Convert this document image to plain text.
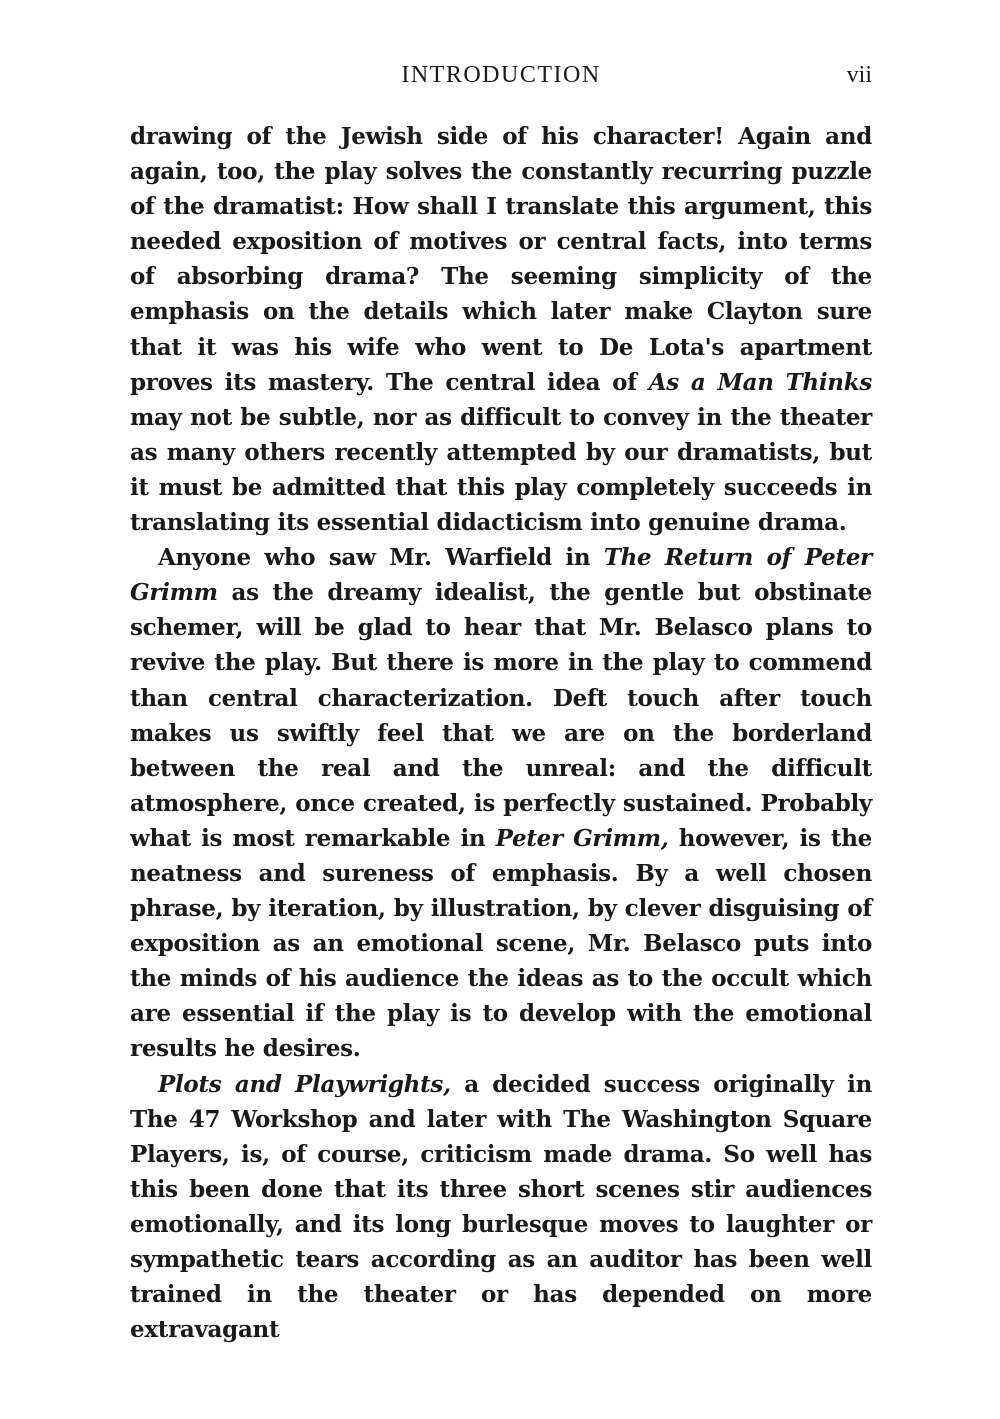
INTRODUCTION	vii

drawing of the Jewish side of his character! Again and again, too, the play solves the constantly recurring puzzle of the dramatist: How shall I translate this argument, this needed exposition of motives or central facts, into terms of absorbing drama? The seeming simplicity of the emphasis on the details which later make Clayton sure that it was his wife who went to De Lota's apartment proves its mastery. The central idea of As a Man Thinks may not be subtle, nor as difficult to convey in the theater as many others recently attempted by our dramatists, but it must be admitted that this play completely succeeds in translating its essential didacticism into genuine drama.

Anyone who saw Mr. Warfield in The Return of Peter Grimm as the dreamy idealist, the gentle but obstinate schemer, will be glad to hear that Mr. Belasco plans to revive the play. But there is more in the play to commend than central characterization. Deft touch after touch makes us swiftly feel that we are on the borderland between the real and the unreal: and the difficult atmosphere, once created, is perfectly sustained. Probably what is most remarkable in Peter Grimm, however, is the neatness and sureness of emphasis. By a well chosen phrase, by iteration, by illustration, by clever disguising of exposition as an emotional scene, Mr. Belasco puts into the minds of his audience the ideas as to the occult which are essential if the play is to develop with the emotional results he desires.

Plots and Playwrights, a decided success originally in The 47 Workshop and later with The Washington Square Players, is, of course, criticism made drama. So well has this been done that its three short scenes stir audiences emotionally, and its long burlesque moves to laughter or sympathetic tears according as an auditor has been well trained in the theater or has depended on more extravagant
